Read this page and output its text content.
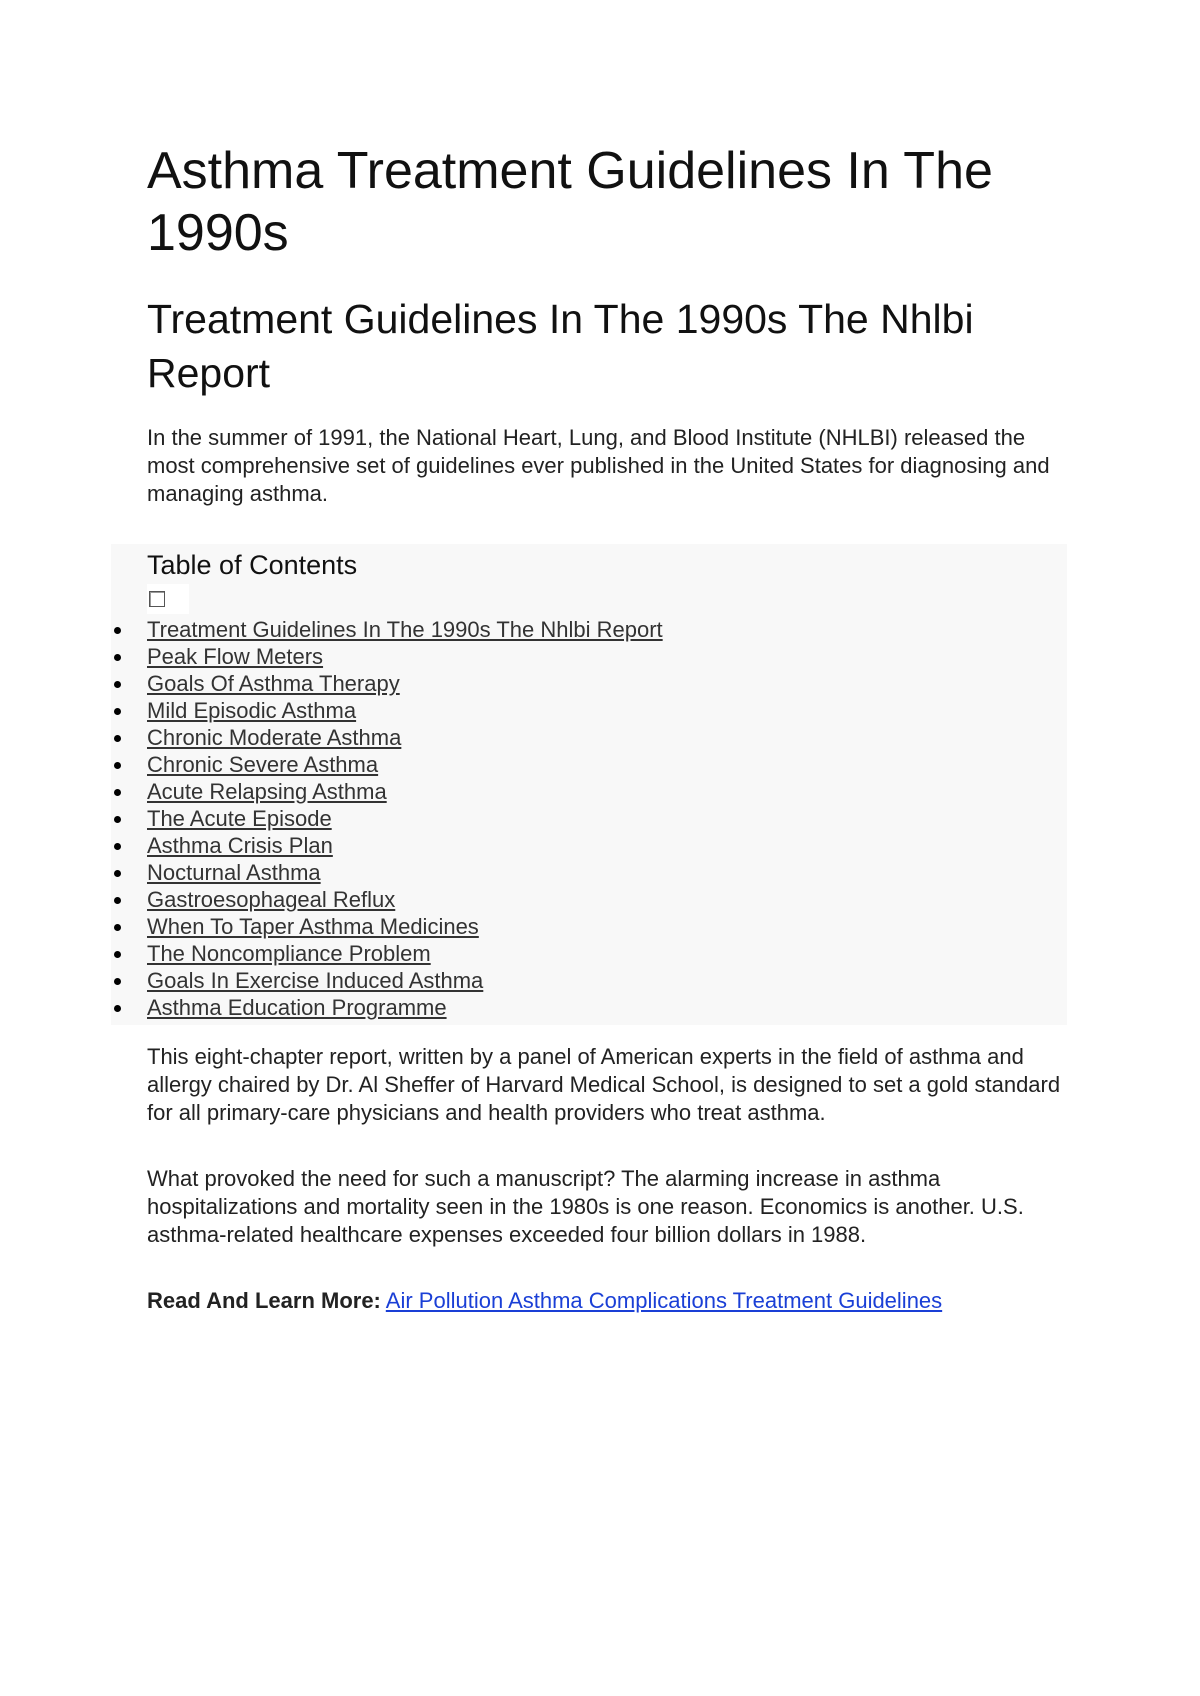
Asthma Treatment Guidelines In The 1990s
Treatment Guidelines In The 1990s The Nhlbi Report

In the summer of 1991, the National Heart, Lung, and Blood Institute (NHLBI) released the most comprehensive set of guidelines ever published in the United States for diagnosing and managing asthma.

Table of Contents
Treatment Guidelines In The 1990s The Nhlbi Report
Peak Flow Meters
Goals Of Asthma Therapy
Mild Episodic Asthma
Chronic Moderate Asthma
Chronic Severe Asthma
Acute Relapsing Asthma
The Acute Episode
Asthma Crisis Plan
Nocturnal Asthma
Gastroesophageal Reflux
When To Taper Asthma Medicines
The Noncompliance Problem
Goals In Exercise Induced Asthma
Asthma Education Programme

This eight-chapter report, written by a panel of American experts in the field of asthma and allergy chaired by Dr. Al Sheffer of Harvard Medical School, is designed to set a gold standard for all primary-care physicians and health providers who treat asthma.

What provoked the need for such a manuscript? The alarming increase in asthma hospitalizations and mortality seen in the 1980s is one reason. Economics is another. U.S. asthma-related healthcare expenses exceeded four billion dollars in 1988.

Read And Learn More: Air Pollution Asthma Complications Treatment Guidelines
